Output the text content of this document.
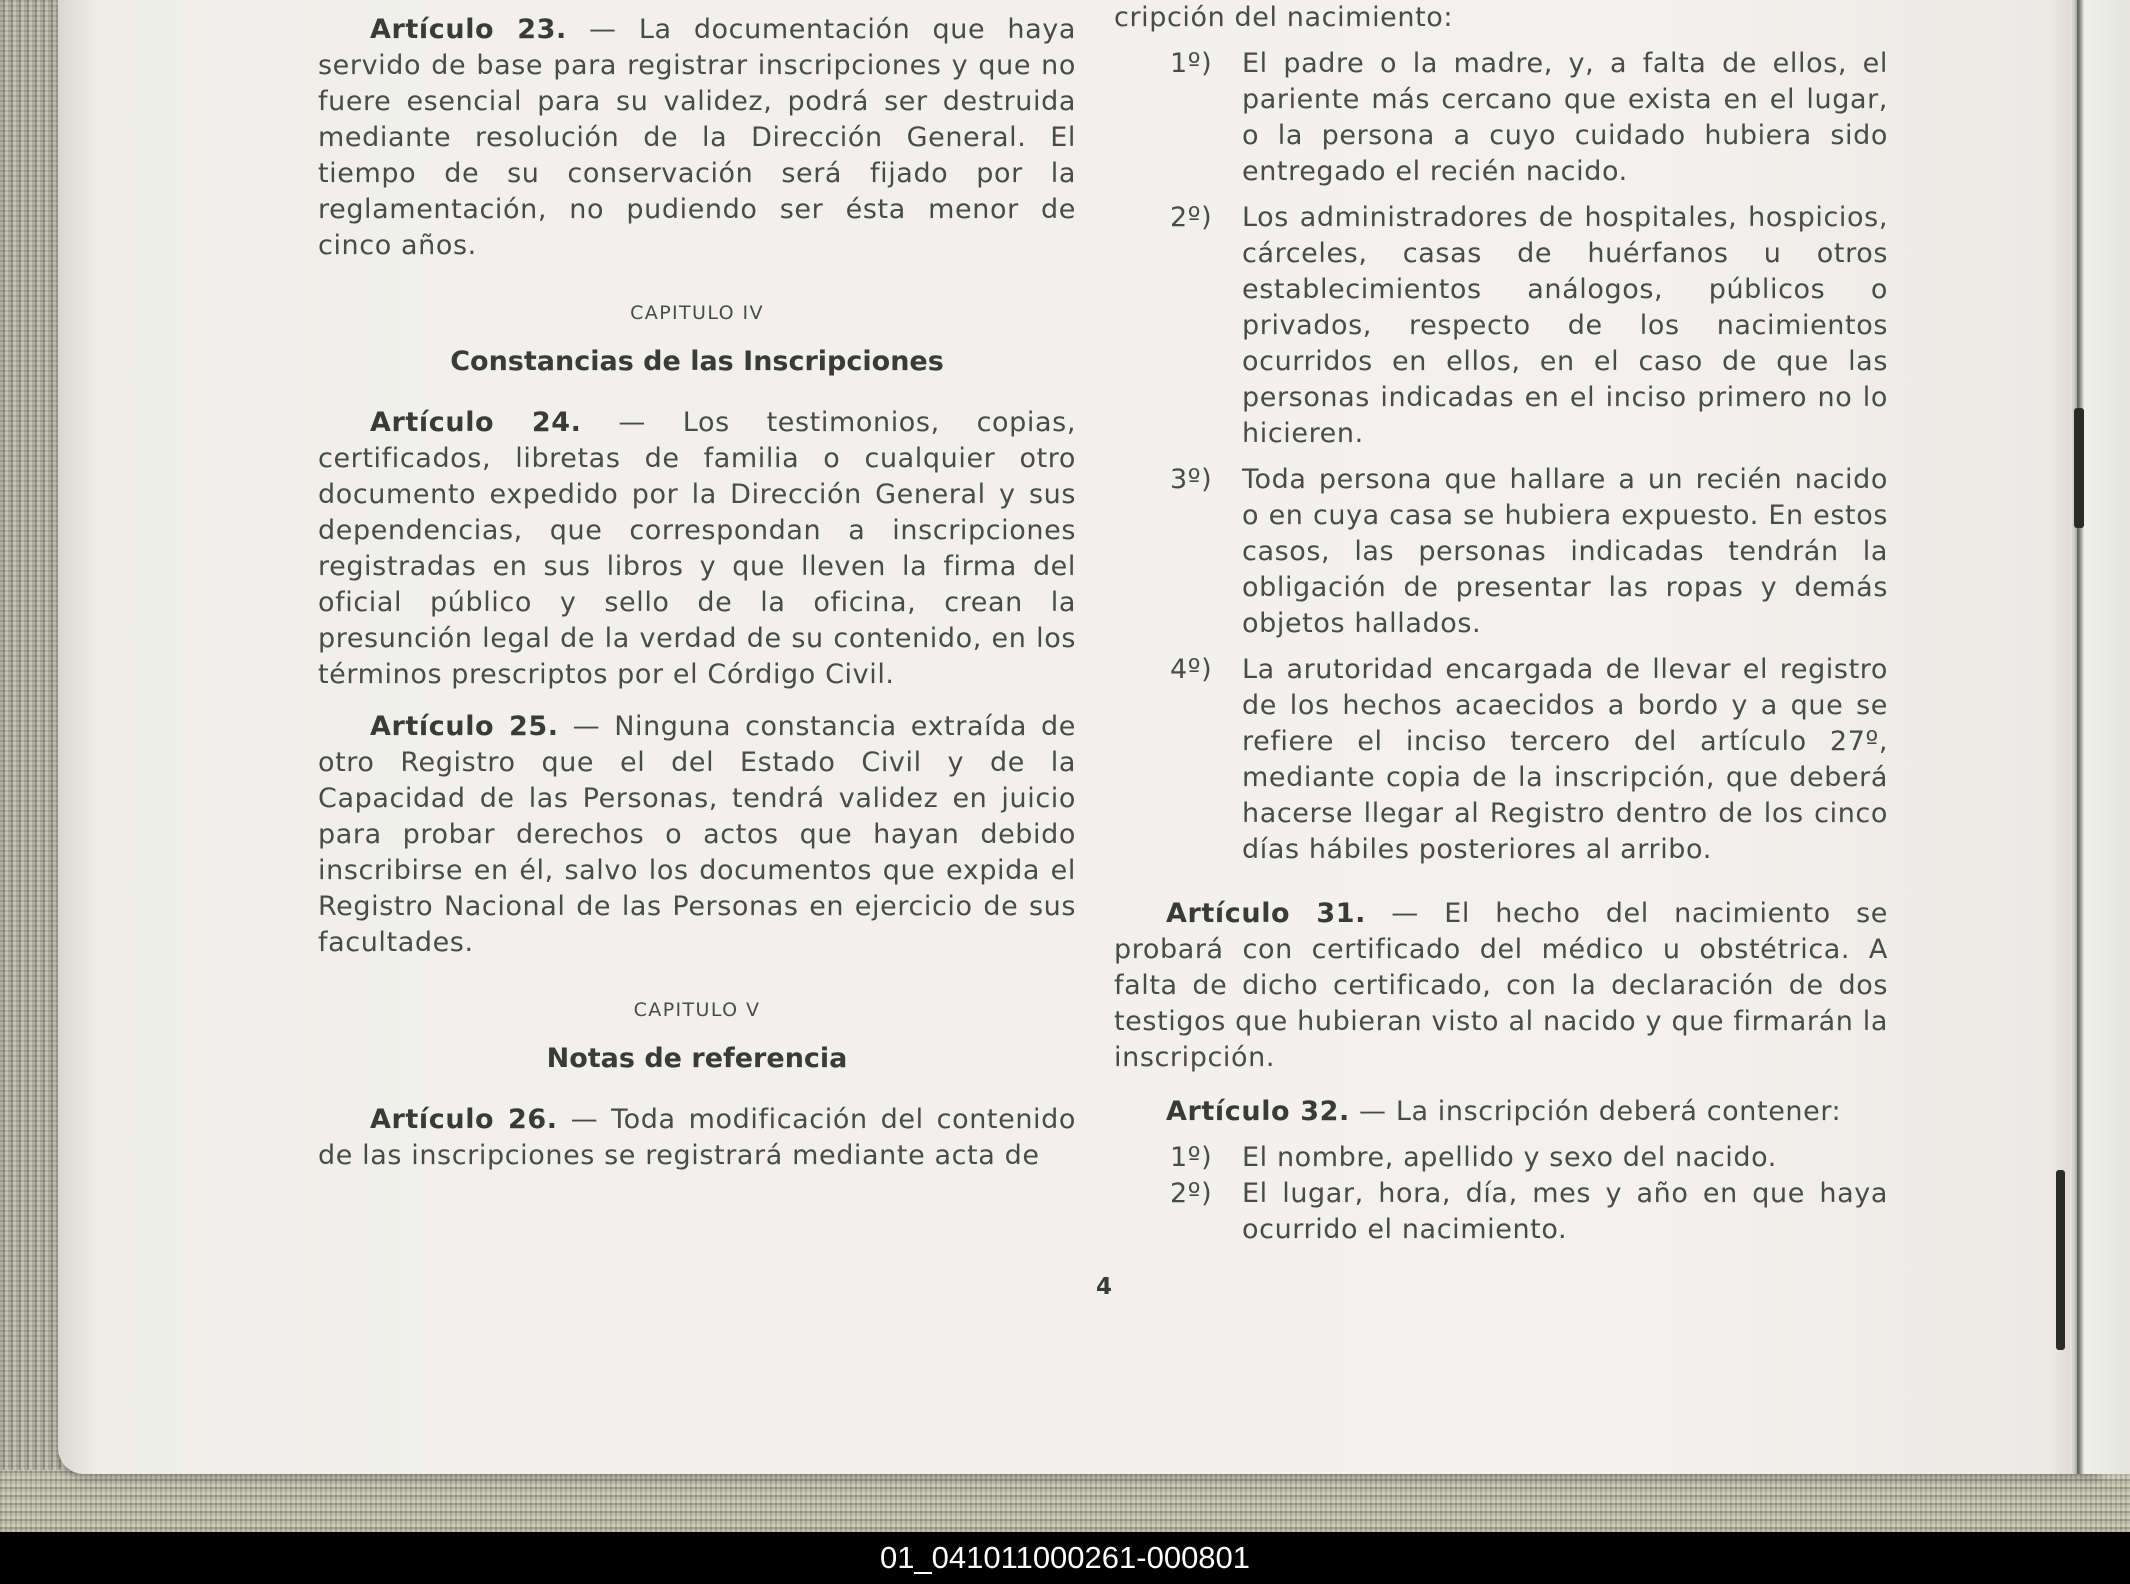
Artículo 23. — La documentación que haya servido de base para registrar inscripciones y que no fuere esencial para su validez, podrá ser destruida mediante resolución de la Dirección General. El tiempo de su conservación será fijado por la reglamentación, no pudiendo ser ésta menor de cinco años.

CAPITULO IV

Constancias de las Inscripciones

Artículo 24. — Los testimonios, copias, certificados, libretas de familia o cualquier otro documento expedido por la Dirección General y sus dependencias, que correspondan a inscripciones registradas en sus libros y que lleven la firma del oficial público y sello de la oficina, crean la presunción legal de la verdad de su contenido, en los términos prescriptos por el Córdigo Civil.

Artículo 25. — Ninguna constancia extraída de otro Registro que el del Estado Civil y de la Capacidad de las Personas, tendrá validez en juicio para probar derechos o actos que hayan debido inscribirse en él, salvo los documentos que expida el Registro Nacional de las Personas en ejercicio de sus facultades.

CAPITULO V

Notas de referencia

Artículo 26. — Toda modificación del contenido de las inscripciones se registrará mediante acta de

cripción del nacimiento:

1º) El padre o la madre, y, a falta de ellos, el pariente más cercano que exista en el lugar, o la persona a cuyo cuidado hubiera sido entregado el recién nacido.
2º) Los administradores de hospitales, hospicios, cárceles, casas de huérfanos u otros establecimientos análogos, públicos o privados, respecto de los nacimientos ocurridos en ellos, en el caso de que las personas indicadas en el inciso primero no lo hicieren.
3º) Toda persona que hallare a un recién nacido o en cuya casa se hubiera expuesto. En estos casos, las personas indicadas tendrán la obligación de presentar las ropas y demás objetos hallados.
4º) La arutoridad encargada de llevar el registro de los hechos acaecidos a bordo y a que se refiere el inciso tercero del artículo 27º, mediante copia de la inscripción, que deberá hacerse llegar al Registro dentro de los cinco días hábiles posteriores al arribo.

Artículo 31. — El hecho del nacimiento se probará con certificado del médico u obstétrica. A falta de dicho certificado, con la declaración de dos testigos que hubieran visto al nacido y que firmarán la inscripción.

Artículo 32. — La inscripción deberá contener:

1º) El nombre, apellido y sexo del nacido.
2º) El lugar, hora, día, mes y año en que haya ocurrido el nacimiento.
4
01_041011000261-000801
